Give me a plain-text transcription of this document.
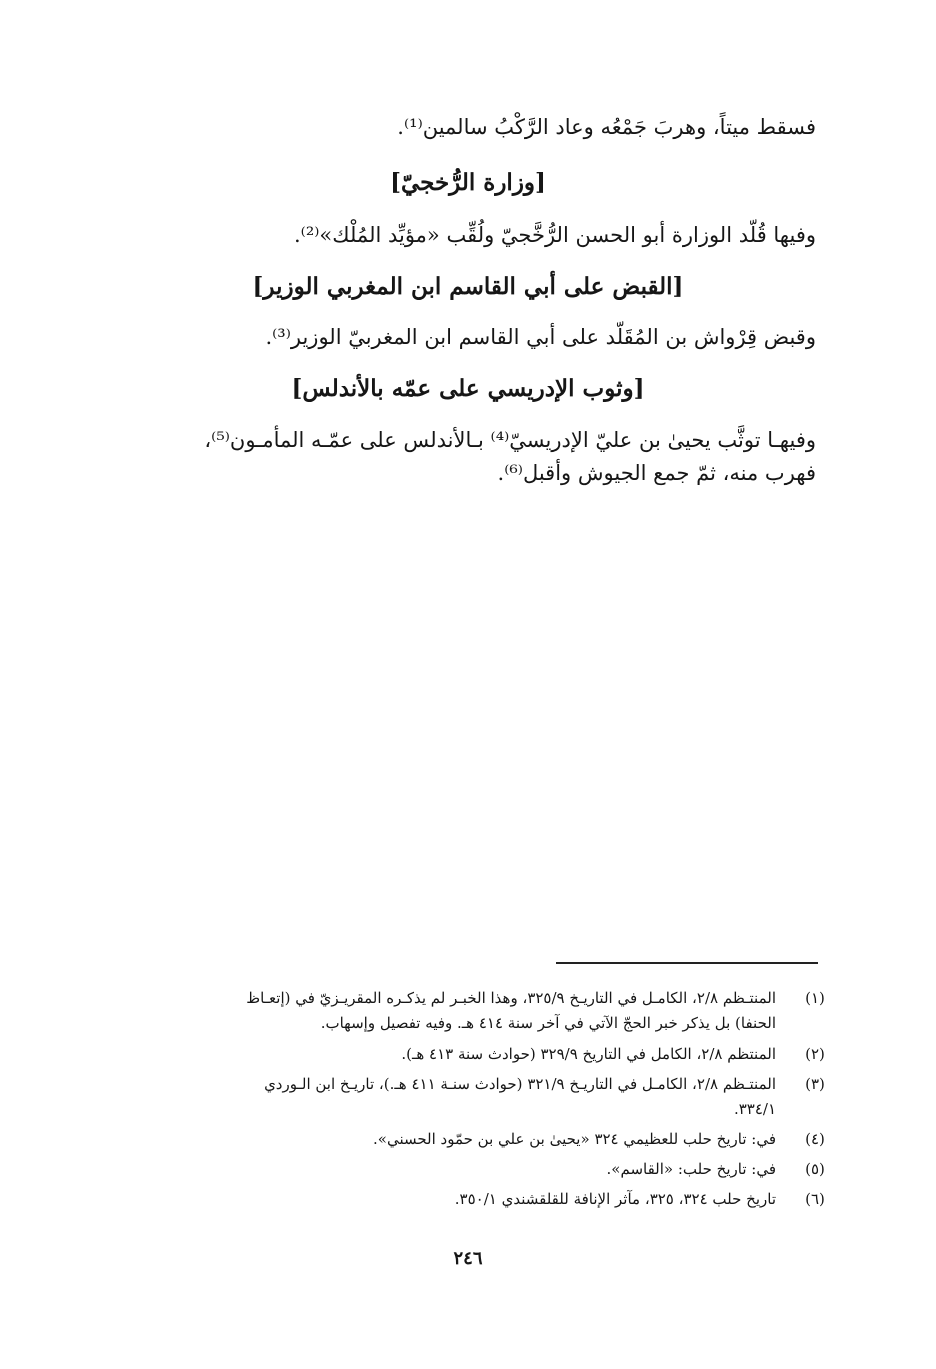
فسقط ميتاً، وهربَ جَمْعُه وعاد الرَّكْبُ سالمين⁽¹⁾.
[وزارة الرُّخجيّ]
وفيها قُلّد الوزارة أبو الحسن الرُّخَّجيّ ولُقِّب «مؤيِّد المُلْك»⁽²⁾.
[القبض على أبي القاسم ابن المغربي الوزير]
وقبض قِرْواش بن المُقَلّد على أبي القاسم ابن المغربيّ الوزير⁽³⁾.
[وثوب الإدريسي على عمّه بالأندلس]
وفيهـا توثَّب يحيىٰ بن عليّ الإدريسيّ⁽⁴⁾ بـالأندلس على عمّـه المأمـون⁽⁵⁾،
فهرب منه، ثمّ جمع الجيوش وأقبل⁽⁶⁾.
(١)
المنتـظم ٢/٨، الكامـل في التاريـخ ٣٢٥/٩، وهذا الخبـر لم يذكـره المقريـزيّ في (إتعـاظ
الحنفا) بل يذكر خبر الحجّ الآتي في آخر سنة ٤١٤ هـ. وفيه تفصيل وإسهاب.
(٢)
المنتظم ٢/٨، الكامل في التاريخ ٣٢٩/٩ (حوادث سنة ٤١٣ هـ).
(٣)
المنتـظم ٢/٨، الكامـل في التاريـخ ٣٢١/٩ (حوادث سنـة ٤١١ هـ.)، تاريـخ ابن الـوردي
٣٣٤/١.
(٤)
في: تاريخ حلب للعظيمي ٣٢٤ «يحيىٰ بن علي بن حمّود الحسني».
(٥)
في: تاريخ حلب: «القاسم».
(٦)
تاريخ حلب ٣٢٤، ٣٢٥، مآثر الإنافة للقلقشندي ٣٥٠/١.
٢٤٦
